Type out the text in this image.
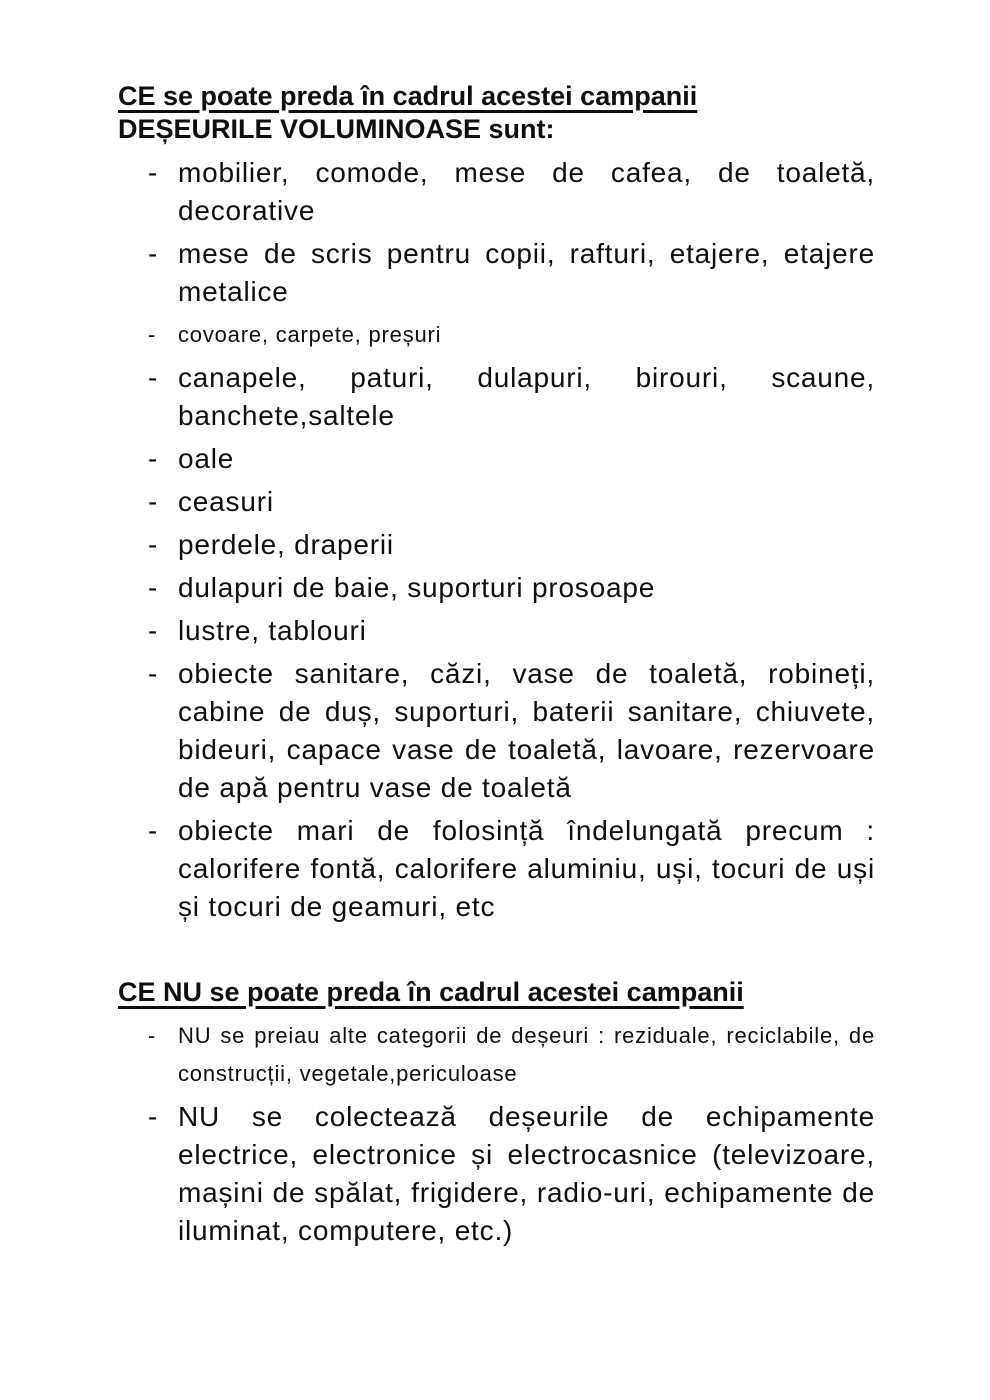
CE se poate preda în cadrul acestei campanii
DEȘEURILE VOLUMINOASE sunt:
- mobilier, comode, mese de cafea, de toaletă, decorative
- mese de scris pentru copii, rafturi, etajere, etajere metalice
- covoare, carpete, preșuri
- canapele, paturi, dulapuri, birouri, scaune, banchete,saltele
- oale
- ceasuri
- perdele, draperii
- dulapuri de baie, suporturi prosoape
- lustre, tablouri
- obiecte sanitare, căzi, vase de toaletă, robineți, cabine de duș, suporturi, baterii sanitare, chiuvete, bideuri, capace vase de toaletă, lavoare, rezervoare de apă pentru vase de toaletă
- obiecte mari de folosință îndelungată precum : calorifere fontă, calorifere aluminiu, uși, tocuri de uși și tocuri de geamuri, etc
CE NU se poate preda în cadrul acestei campanii
- NU se preiau alte categorii de deșeuri : reziduale, reciclabile, de construcții, vegetale,periculoase
- NU se colectează deșeurile de echipamente electrice, electronice și electrocasnice (televizoare, mașini de spălat, frigidere, radio-uri, echipamente de iluminat, computere, etc.)
